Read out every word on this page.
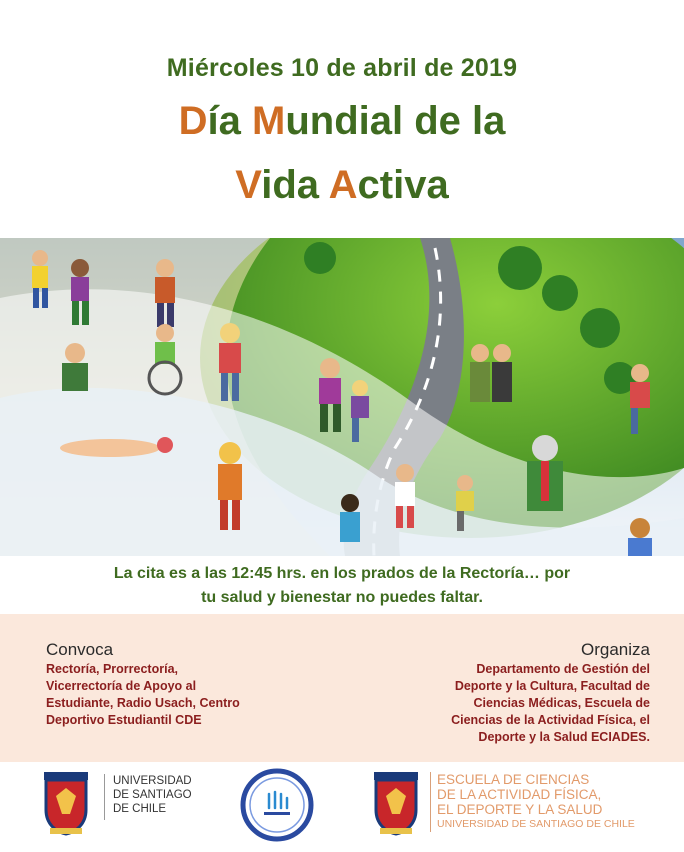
Miércoles 10 de abril de 2019
Día Mundial de la
Vida Activa
La cita es a las 12:45 hrs. en los prados de la Rectoría… por
tu salud y bienestar no puedes faltar.
Convoca
Rectoría, Prorrectoría,
Vicerrectoría de Apoyo al
Estudiante, Radio Usach, Centro
Deportivo Estudiantil CDE
Organiza
Departamento de Gestión del
Deporte y la Cultura, Facultad de
Ciencias Médicas, Escuela de
Ciencias de la Actividad Física, el
Deporte y la Salud ECIADES.
UNIVERSIDAD
DE SANTIAGO
DE CHILE
ESCUELA DE CIENCIAS
DE LA ACTIVIDAD FÍSICA,
EL DEPORTE Y LA SALUD
UNIVERSIDAD DE SANTIAGO DE CHILE
